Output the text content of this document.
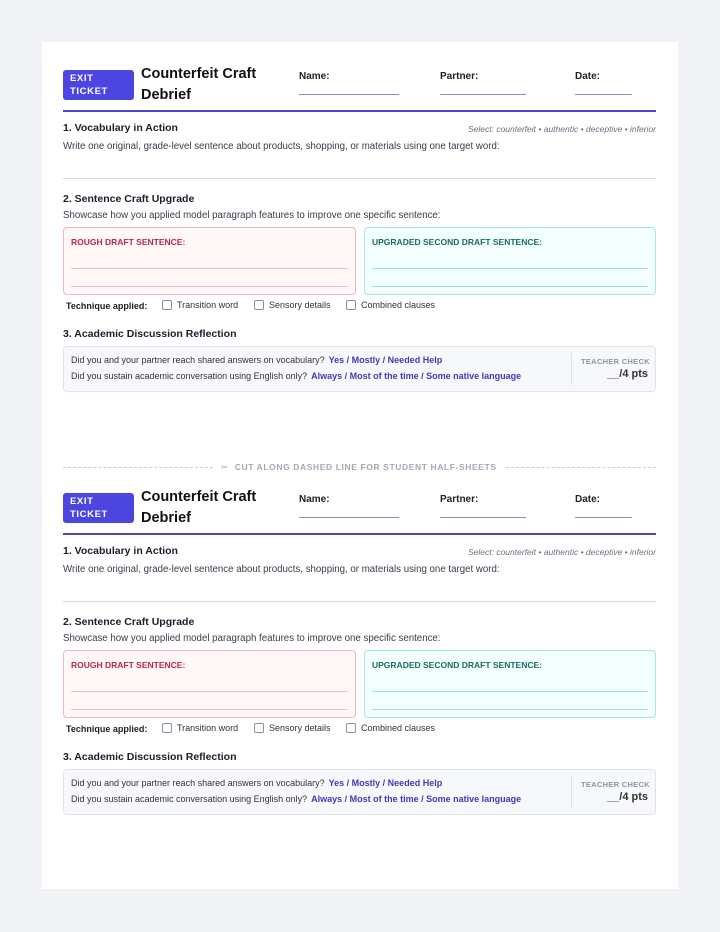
EXIT TICKET
Counterfeit Craft Debrief
Name:	Partner:	Date:
1. Vocabulary in Action	Select: counterfeit • authentic • deceptive • inferior
Write one original, grade-level sentence about products, shopping, or materials using one target word:
2. Sentence Craft Upgrade
Showcase how you applied model paragraph features to improve one specific sentence:
ROUGH DRAFT SENTENCE:	UPGRADED SECOND DRAFT SENTENCE:
Technique applied:	Transition word	Sensory details	Combined clauses
3. Academic Discussion Reflection
Did you and your partner reach shared answers on vocabulary? Yes / Mostly / Needed Help
Did you sustain academic conversation using English only? Always / Most of the time / Some native language
TEACHER CHECK
__/4 pts
✂ CUT ALONG DASHED LINE FOR STUDENT HALF-SHEETS
EXIT TICKET
Counterfeit Craft Debrief
Name:	Partner:	Date:
1. Vocabulary in Action	Select: counterfeit • authentic • deceptive • inferior
Write one original, grade-level sentence about products, shopping, or materials using one target word:
2. Sentence Craft Upgrade
Showcase how you applied model paragraph features to improve one specific sentence:
ROUGH DRAFT SENTENCE:	UPGRADED SECOND DRAFT SENTENCE:
Technique applied:	Transition word	Sensory details	Combined clauses
3. Academic Discussion Reflection
Did you and your partner reach shared answers on vocabulary? Yes / Mostly / Needed Help
Did you sustain academic conversation using English only? Always / Most of the time / Some native language
TEACHER CHECK
__/4 pts
